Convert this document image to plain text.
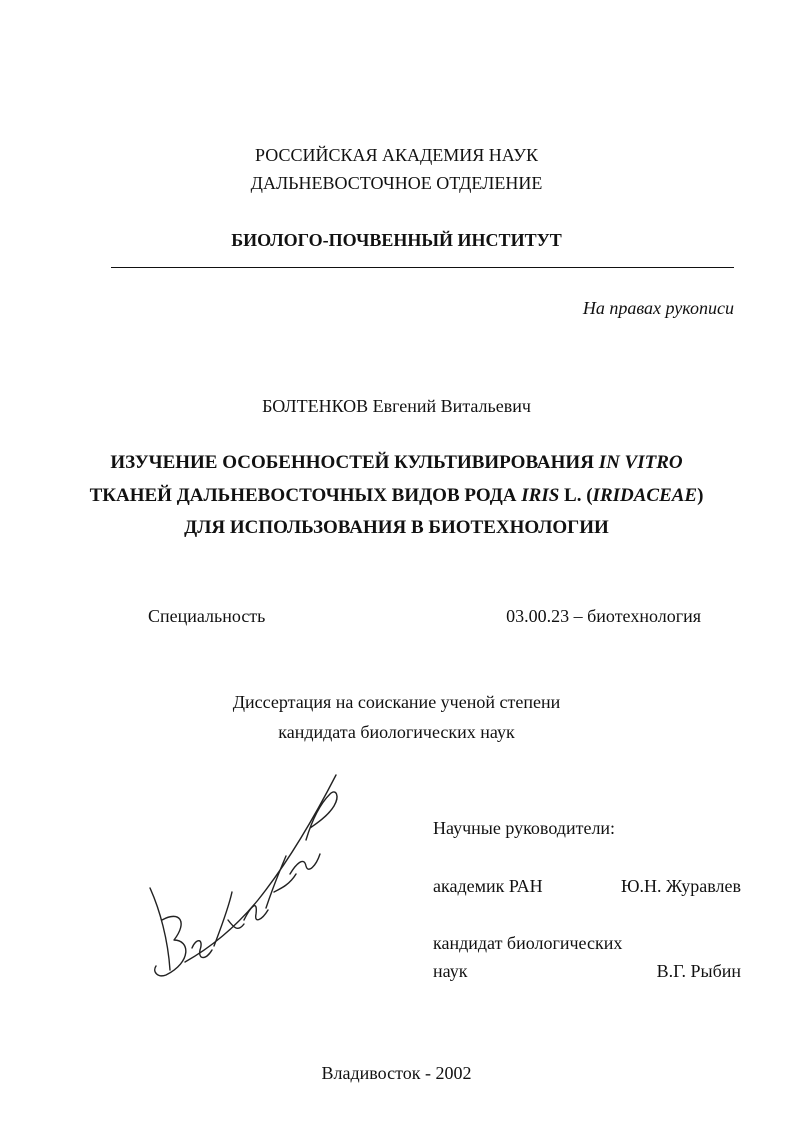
РОССИЙСКАЯ АКАДЕМИЯ НАУК
ДАЛЬНЕВОСТОЧНОЕ ОТДЕЛЕНИЕ
БИОЛОГО-ПОЧВЕННЫЙ ИНСТИТУТ
На правах рукописи
БОЛТЕНКОВ Евгений Витальевич
ИЗУЧЕНИЕ ОСОБЕННОСТЕЙ КУЛЬТИВИРОВАНИЯ IN VITRO
ТКАНЕЙ ДАЛЬНЕВОСТОЧНЫХ ВИДОВ РОДА IRIS L. (IRIDACEAE)
ДЛЯ ИСПОЛЬЗОВАНИЯ В БИОТЕХНОЛОГИИ
Специальность	03.00.23 – биотехнология
Диссертация на соискание ученой степени
кандидата биологических наук
Научные руководители:
академик РАН	Ю.Н. Журавлев
кандидат биологических
наук	В.Г. Рыбин
Владивосток - 2002
